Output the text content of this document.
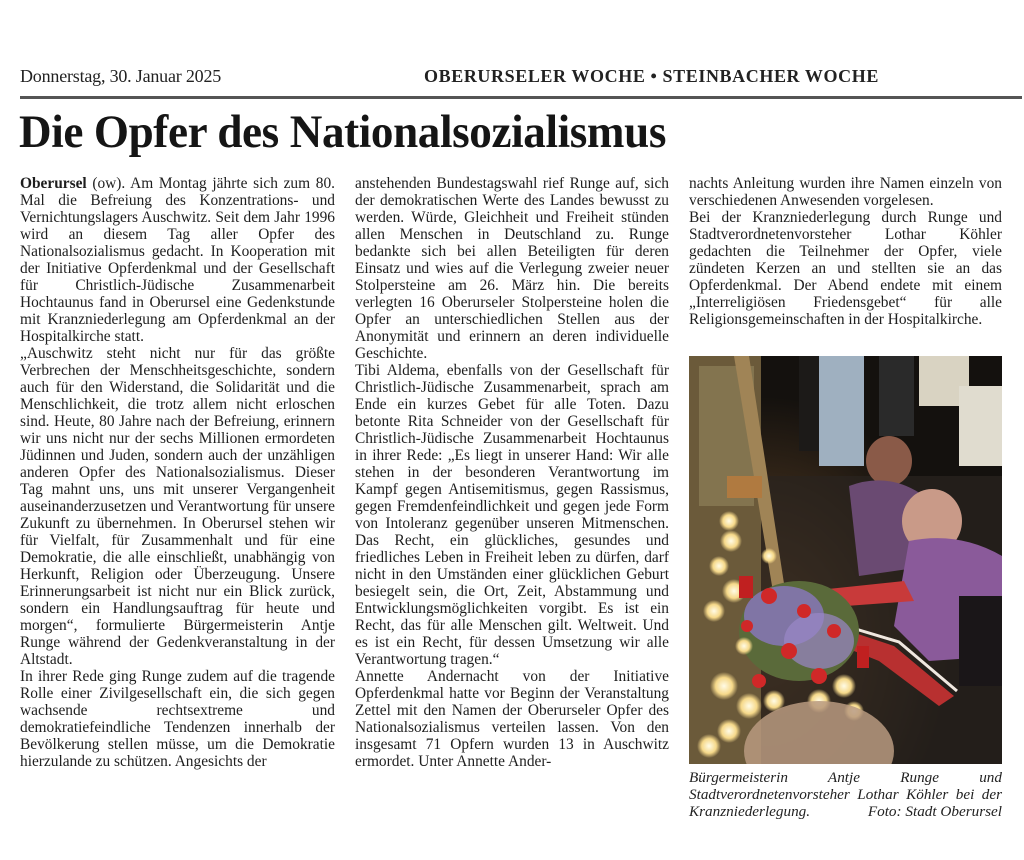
Donnerstag, 30. Januar 2025	OBERURSELER WOCHE • STEINBACHER WOCHE
Die Opfer des Nationalsozialismus

Oberursel (ow). Am Montag jährte sich zum 80. Mal die Befreiung des Konzentrations- und Vernichtungslagers Auschwitz. Seit dem Jahr 1996 wird an diesem Tag aller Opfer des Nationalsozialismus gedacht. In Kooperation mit der Initiative Opferdenkmal und der Gesellschaft für Christlich-Jüdische Zusammenarbeit Hochtaunus fand in Oberursel eine Gedenkstunde mit Kranzniederlegung am Opferdenkmal an der Hospitalkirche statt.

„Auschwitz steht nicht nur für das größte Verbrechen der Menschheitsgeschichte, sondern auch für den Widerstand, die Solidarität und die Menschlichkeit, die trotz allem nicht erloschen sind. Heute, 80 Jahre nach der Befreiung, erinnern wir uns nicht nur der sechs Millionen ermordeten Jüdinnen und Juden, sondern auch der unzähligen anderen Opfer des Nationalsozialismus. Dieser Tag mahnt uns, uns mit unserer Vergangenheit auseinanderzusetzen und Verantwortung für unsere Zukunft zu übernehmen. In Oberursel stehen wir für Vielfalt, für Zusammenhalt und für eine Demokratie, die alle einschließt, unabhängig von Herkunft, Religion oder Überzeugung. Unsere Erinnerungsarbeit ist nicht nur ein Blick zurück, sondern ein Handlungsauftrag für heute und morgen“, formulierte Bürgermeisterin Antje Runge während der Gedenkveranstaltung in der Altstadt.

In ihrer Rede ging Runge zudem auf die tragende Rolle einer Zivilgesellschaft ein, die sich gegen wachsende rechtsextreme und demokratiefeindliche Tendenzen innerhalb der Bevölkerung stellen müsse, um die Demokratie hierzulande zu schützen. Angesichts der

anstehenden Bundestagswahl rief Runge auf, sich der demokratischen Werte des Landes bewusst zu werden. Würde, Gleichheit und Freiheit stünden allen Menschen in Deutschland zu. Runge bedankte sich bei allen Beteiligten für deren Einsatz und wies auf die Verlegung zweier neuer Stolpersteine am 26. März hin. Die bereits verlegten 16 Oberurseler Stolpersteine holen die Opfer an unterschiedlichen Stellen aus der Anonymität und erinnern an deren individuelle Geschichte.

Tibi Aldema, ebenfalls von der Gesellschaft für Christlich-Jüdische Zusammenarbeit, sprach am Ende ein kurzes Gebet für alle Toten. Dazu betonte Rita Schneider von der Gesellschaft für Christlich-Jüdische Zusammenarbeit Hochtaunus in ihrer Rede: „Es liegt in unserer Hand: Wir alle stehen in der besonderen Verantwortung im Kampf gegen Antisemitismus, gegen Rassismus, gegen Fremdenfeindlichkeit und gegen jede Form von Intoleranz gegenüber unseren Mitmenschen. Das Recht, ein glückliches, gesundes und friedliches Leben in Freiheit leben zu dürfen, darf nicht in den Umständen einer glücklichen Geburt besiegelt sein, die Ort, Zeit, Abstammung und Entwicklungsmöglichkeiten vorgibt. Es ist ein Recht, das für alle Menschen gilt. Weltweit. Und es ist ein Recht, für dessen Umsetzung wir alle Verantwortung tragen.“

Annette Andernacht von der Initiative Opferdenkmal hatte vor Beginn der Veranstaltung Zettel mit den Namen der Oberurseler Opfer des Nationalsozialismus verteilen lassen. Von den insgesamt 71 Opfern wurden 13 in Auschwitz ermordet. Unter Annette Ander-

nachts Anleitung wurden ihre Namen einzeln von verschiedenen Anwesenden vorgelesen.

Bei der Kranzniederlegung durch Runge und Stadtverordnetenvorsteher Lothar Köhler gedachten die Teilnehmer der Opfer, viele zündeten Kerzen an und stellten sie an das Opferdenkmal. Der Abend endete mit einem „Interreligiösen Friedensgebet“ für alle Religionsgemeinschaften in der Hospitalkirche.

Bürgermeisterin Antje Runge und Stadtverordnetenvorsteher Lothar Köhler bei der Kranzniederlegung.	Foto: Stadt Oberursel
